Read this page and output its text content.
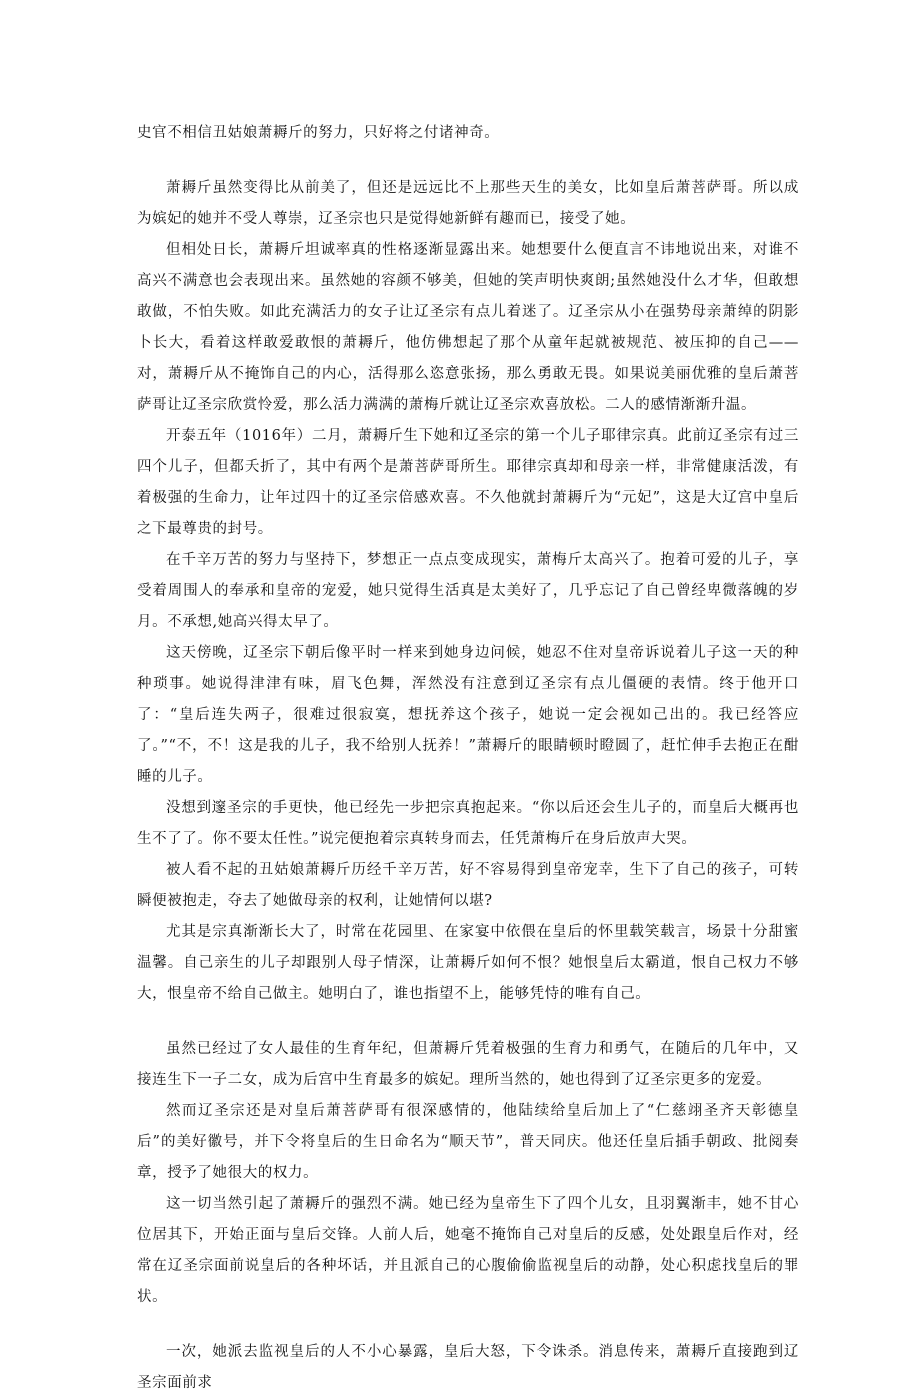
史官不相信丑姑娘萧耨斤的努力，只好将之付诸神奇。

萧耨斤虽然变得比从前美了，但还是远远比不上那些天生的美女，比如皇后萧菩萨哥。所以成为嫔妃的她并不受人尊崇，辽圣宗也只是觉得她新鲜有趣而已，接受了她。

但相处日长，萧耨斤坦诚率真的性格逐渐显露出来。她想要什么便直言不讳地说出来，对谁不高兴不满意也会表现出来。虽然她的容颜不够美，但她的笑声明快爽朗;虽然她没什么才华，但敢想敢做，不怕失败。如此充满活力的女子让辽圣宗有点儿着迷了。辽圣宗从小在强势母亲萧绰的阴影卜长大，看着这样敢爱敢恨的萧耨斤，他仿佛想起了那个从童年起就被规范、被压抑的自己——对，萧耨斤从不掩饰自己的内心，活得那么恣意张扬，那么勇敢无畏。如果说美丽优雅的皇后萧菩萨哥让辽圣宗欣赏怜爱，那么活力满满的萧梅斤就让辽圣宗欢喜放松。二人的感情渐渐升温。

开泰五年（1016年）二月，萧耨斤生下她和辽圣宗的第一个儿子耶律宗真。此前辽圣宗有过三四个儿子，但都夭折了，其中有两个是萧菩萨哥所生。耶律宗真却和母亲一样，非常健康活泼，有着极强的生命力，让年过四十的辽圣宗倍感欢喜。不久他就封萧耨斤为“元妃”，这是大辽宫中皇后之下最尊贵的封号。

在千辛万苦的努力与坚持下，梦想正一点点变成现实，萧梅斤太高兴了。抱着可爱的儿子，享受着周围人的奉承和皇帝的宠爱，她只觉得生活真是太美好了，几乎忘记了自己曾经卑微落魄的岁月。不承想,她高兴得太早了。

这天傍晚，辽圣宗下朝后像平时一样来到她身边问候，她忍不住对皇帝诉说着儿子这一天的种种琐事。她说得津津有味，眉飞色舞，浑然没有注意到辽圣宗有点儿僵硬的表情。终于他开口了：“皇后连失两子，很难过很寂寞，想抚养这个孩子，她说一定会视如己出的。我已经答应了。”“不，不！这是我的儿子，我不给别人抚养！”萧耨斤的眼睛顿时瞪圆了，赶忙伸手去抱正在酣睡的儿子。

没想到邃圣宗的手更快，他已经先一步把宗真抱起来。“你以后还会生儿子的，而皇后大概再也生不了了。你不要太任性。”说完便抱着宗真转身而去，任凭萧梅斤在身后放声大哭。

被人看不起的丑姑娘萧耨斤历经千辛万苦，好不容易得到皇帝宠幸，生下了自己的孩子，可转瞬便被抱走，夺去了她做母亲的权利，让她情何以堪?

尤其是宗真渐渐长大了，时常在花园里、在家宴中依偎在皇后的怀里载笑载言，场景十分甜蜜温馨。自己亲生的儿子却跟别人母子情深，让萧耨斤如何不恨？她恨皇后太霸道，恨自己权力不够大，恨皇帝不给自己做主。她明白了，谁也指望不上，能够凭恃的唯有自己。

虽然已经过了女人最佳的生育年纪，但萧耨斤凭着极强的生育力和勇气，在随后的几年中，又接连生下一子二女，成为后宫中生育最多的嫔妃。理所当然的，她也得到了辽圣宗更多的宠爱。

然而辽圣宗还是对皇后萧菩萨哥有很深感情的，他陆续给皇后加上了“仁慈翊圣齐天彰德皇后”的美好徽号，并下令将皇后的生日命名为“顺天节”，普天同庆。他还任皇后插手朝政、批阅奏章，授予了她很大的权力。

这一切当然引起了萧耨斤的强烈不满。她已经为皇帝生下了四个儿女，且羽翼渐丰，她不甘心位居其下，开始正面与皇后交锋。人前人后，她毫不掩饰自己对皇后的反感，处处跟皇后作对，经常在辽圣宗面前说皇后的各种坏话，并且派自己的心腹偷偷监视皇后的动静，处心积虑找皇后的罪状。

一次，她派去监视皇后的人不小心暴露，皇后大怒，下令诛杀。消息传来，萧耨斤直接跑到辽圣宗面前求
